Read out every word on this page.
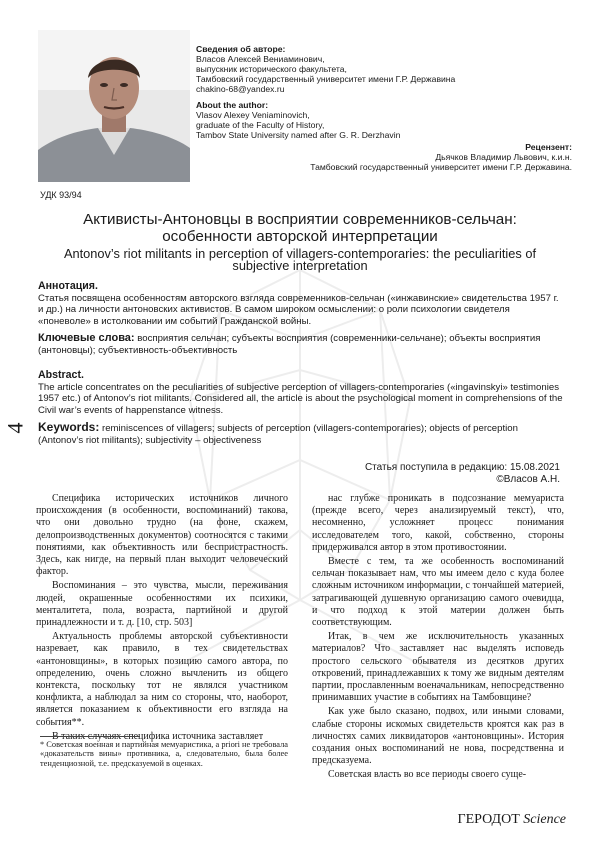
Сведения об авторе:
Власов Алексей Вениаминович,
выпускник исторического факультета,
Тамбовский государственный университет имени Г.Р. Державина
chakino-68@yandex.ru
About the author:
Vlasov Alexey Veniaminovich,
graduate of the Faculty of History,
Tambov State University named after G. R. Derzhavin
Рецензент:
Дьячков Владимир Львович, к.и.н.
Тамбовский государственный университет имени Г.Р. Державина.
УДК 93/94
Активисты-Антоновцы в восприятии современников-сельчан: особенности авторской интерпретации
Antonov’s riot militants in perception of villagers-contemporaries: the peculiarities of subjective interpretation
Аннотация.
Статья посвящена особенностям авторского взгляда современников-сельчан («инжавинские» свидетельства 1957 г. и др.) на личности антоновских активистов. В самом широком осмыслении: о роли психологии свидетеля «поневоле» в истолковании им событий Гражданской войны.
Ключевые слова: восприятия сельчан; субъекты восприятия (современники-сельчане); объекты восприятия (антоновцы); субъективность-объективность
Abstract.
The article concentrates on the peculiarities of subjective perception of villagers-contemporaries («ingavinskyi» testimonies 1957 etc.) of Antonov’s riot militants. Considered all, the article is about the psychological moment in comprehensions of the Civil war’s events of happenstance witness.
Keywords: reminiscences of villagers; subjects of perception (villagers-contemporaries); objects of perception (Antonov’s riot militants); subjectivity – objectiveness
4
Статья поступила в редакцию: 15.08.2021
©Власов А.Н.

Специфика исторических источников личного происхождения (в особенности, воспоминаний) такова, что они довольно трудно (на фоне, скажем, делопроизводственных документов) соотносятся с такими понятиями, как объективность или беспристрастность. Здесь, как нигде, на первый план выходит человеческий фактор.

Воспоминания – это чувства, мысли, переживания людей, окрашенные особенностями их психики, менталитета, пола, возраста, партийной и другой принадлежности и т. д. [10, стр. 503]

Актуальность проблемы авторской субъективности назревает, как правило, в тех свидетельствах «антоновщины», в которых позицию самого автора, по определению, очень сложно вычленить из общего контекста, поскольку тот не являлся участником конфликта, а наблюдал за ним со стороны, что, наоборот, является показанием к объективности его взгляда на события**.

В таких случаях специфика источника заставляет

нас глубже проникать в подсознание мемуариста (прежде всего, через анализируемый текст), что, несомненно, усложняет процесс понимания исследователем того, какой, собственно, стороны придерживался автор в этом противостоянии.

Вместе с тем, та же особенность воспоминаний сельчан показывает нам, что мы имеем дело с куда более сложным источником информации, с тончайшей материей, затрагивающей душевную организацию самого очевидца, и что подход к этой материи должен быть соответствующим.

Итак, в чем же исключительность указанных материалов? Что заставляет нас выделять исповедь простого сельского обывателя из десятков других откровений, принадлежавших к тому же видным деятелям партии, прославленным военачальникам, непосредственно принимавших участие в событиях на Тамбовщине?

Как уже было сказано, подвох, или иными словами, слабые стороны искомых свидетельств кроятся как раз в личностях самих ликвидаторов «антоновщины». История создания оных воспоминаний не нова, посредственна и предсказуема.

Советская власть во все периоды своего суще-

* Советская военная и партийная мемуаристика, а priori не требовала «доказательств вины» противника, а, следовательно, была более тенденциозной, т.е. предсказуемой в оценках.
ГЕРОДОТ Science
